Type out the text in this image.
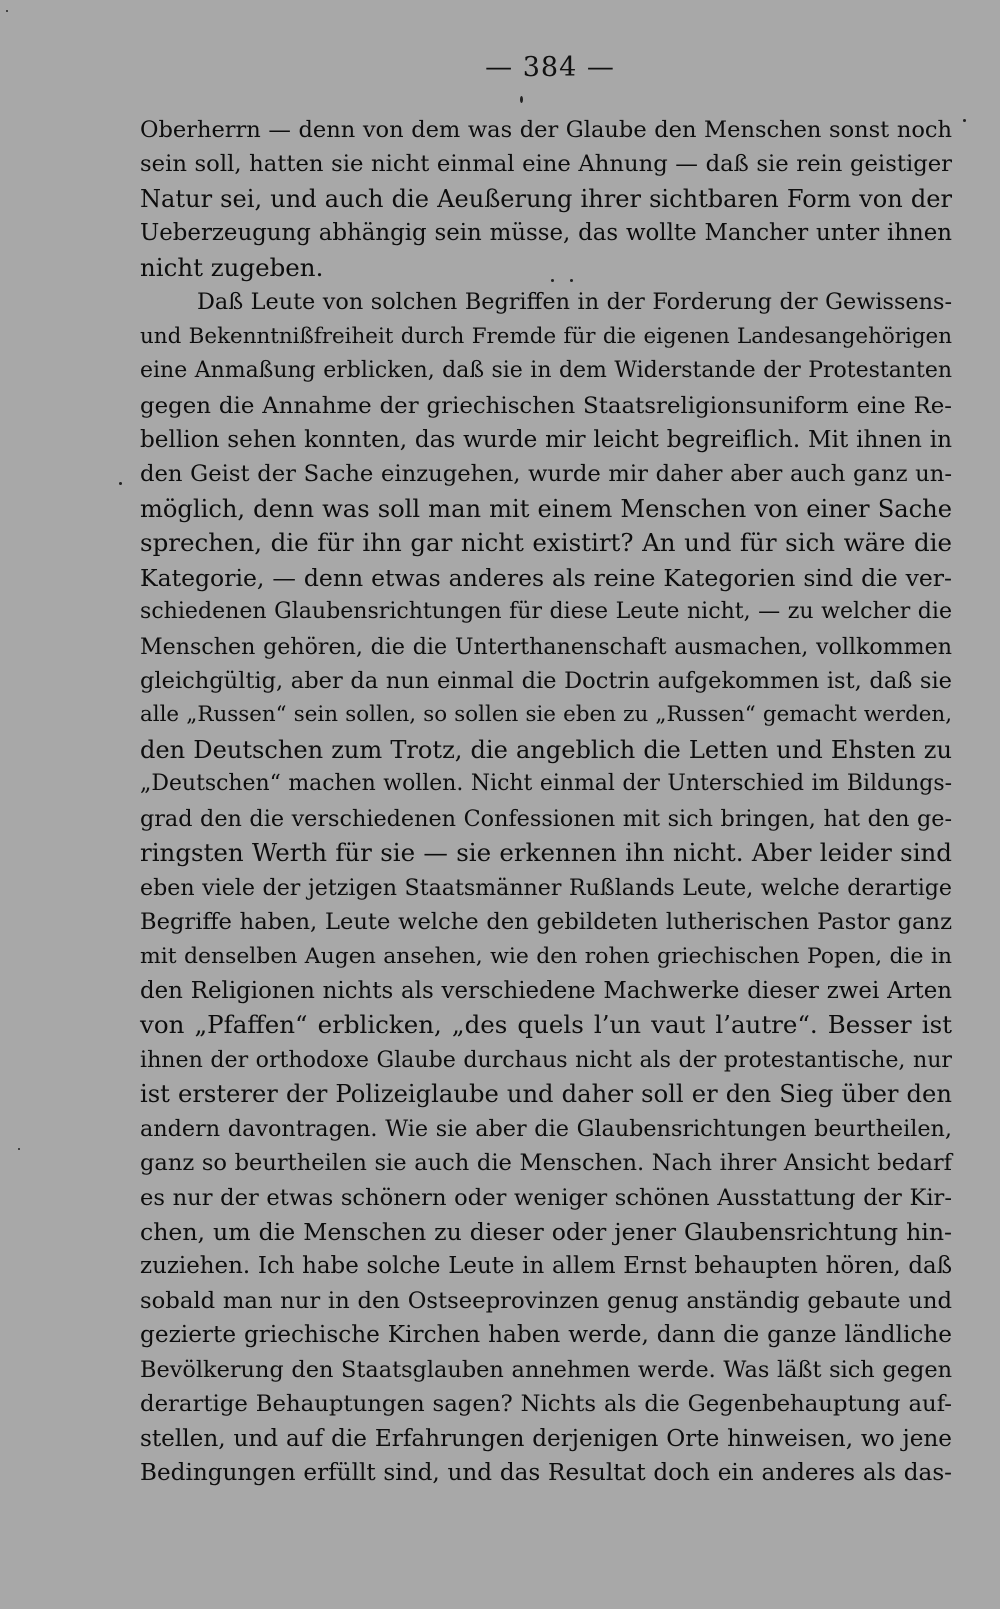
— 384 —
Oberherrn — denn von dem was der Glaube den Menschen sonst noch
sein soll, hatten sie nicht einmal eine Ahnung — daß sie rein geistiger
Natur sei, und auch die Aeußerung ihrer sichtbaren Form von der
Ueberzeugung abhängig sein müsse, das wollte Mancher unter ihnen
nicht zugeben.
Daß Leute von solchen Begriffen in der Forderung der Gewissens-
und Bekenntnißfreiheit durch Fremde für die eigenen Landesangehörigen
eine Anmaßung erblicken, daß sie in dem Widerstande der Protestanten
gegen die Annahme der griechischen Staatsreligionsuniform eine Re-
bellion sehen konnten, das wurde mir leicht begreiflich. Mit ihnen in
den Geist der Sache einzugehen, wurde mir daher aber auch ganz un-
möglich, denn was soll man mit einem Menschen von einer Sache
sprechen, die für ihn gar nicht existirt? An und für sich wäre die
Kategorie, — denn etwas anderes als reine Kategorien sind die ver-
schiedenen Glaubensrichtungen für diese Leute nicht, — zu welcher die
Menschen gehören, die die Unterthanenschaft ausmachen, vollkommen
gleichgültig, aber da nun einmal die Doctrin aufgekommen ist, daß sie
alle „Russen“ sein sollen, so sollen sie eben zu „Russen“ gemacht werden,
den Deutschen zum Trotz, die angeblich die Letten und Ehsten zu
„Deutschen“ machen wollen. Nicht einmal der Unterschied im Bildungs-
grad den die verschiedenen Confessionen mit sich bringen, hat den ge-
ringsten Werth für sie — sie erkennen ihn nicht. Aber leider sind
eben viele der jetzigen Staatsmänner Rußlands Leute, welche derartige
Begriffe haben, Leute welche den gebildeten lutherischen Pastor ganz
mit denselben Augen ansehen, wie den rohen griechischen Popen, die in
den Religionen nichts als verschiedene Machwerke dieser zwei Arten
von „Pfaffen“ erblicken, „des quels l’un vaut l’autre“. Besser ist
ihnen der orthodoxe Glaube durchaus nicht als der protestantische, nur
ist ersterer der Polizeiglaube und daher soll er den Sieg über den
andern davontragen. Wie sie aber die Glaubensrichtungen beurtheilen,
ganz so beurtheilen sie auch die Menschen. Nach ihrer Ansicht bedarf
es nur der etwas schönern oder weniger schönen Ausstattung der Kir-
chen, um die Menschen zu dieser oder jener Glaubensrichtung hin-
zuziehen. Ich habe solche Leute in allem Ernst behaupten hören, daß
sobald man nur in den Ostseeprovinzen genug anständig gebaute und
gezierte griechische Kirchen haben werde, dann die ganze ländliche
Bevölkerung den Staatsglauben annehmen werde. Was läßt sich gegen
derartige Behauptungen sagen? Nichts als die Gegenbehauptung auf-
stellen, und auf die Erfahrungen derjenigen Orte hinweisen, wo jene
Bedingungen erfüllt sind, und das Resultat doch ein anderes als das-
